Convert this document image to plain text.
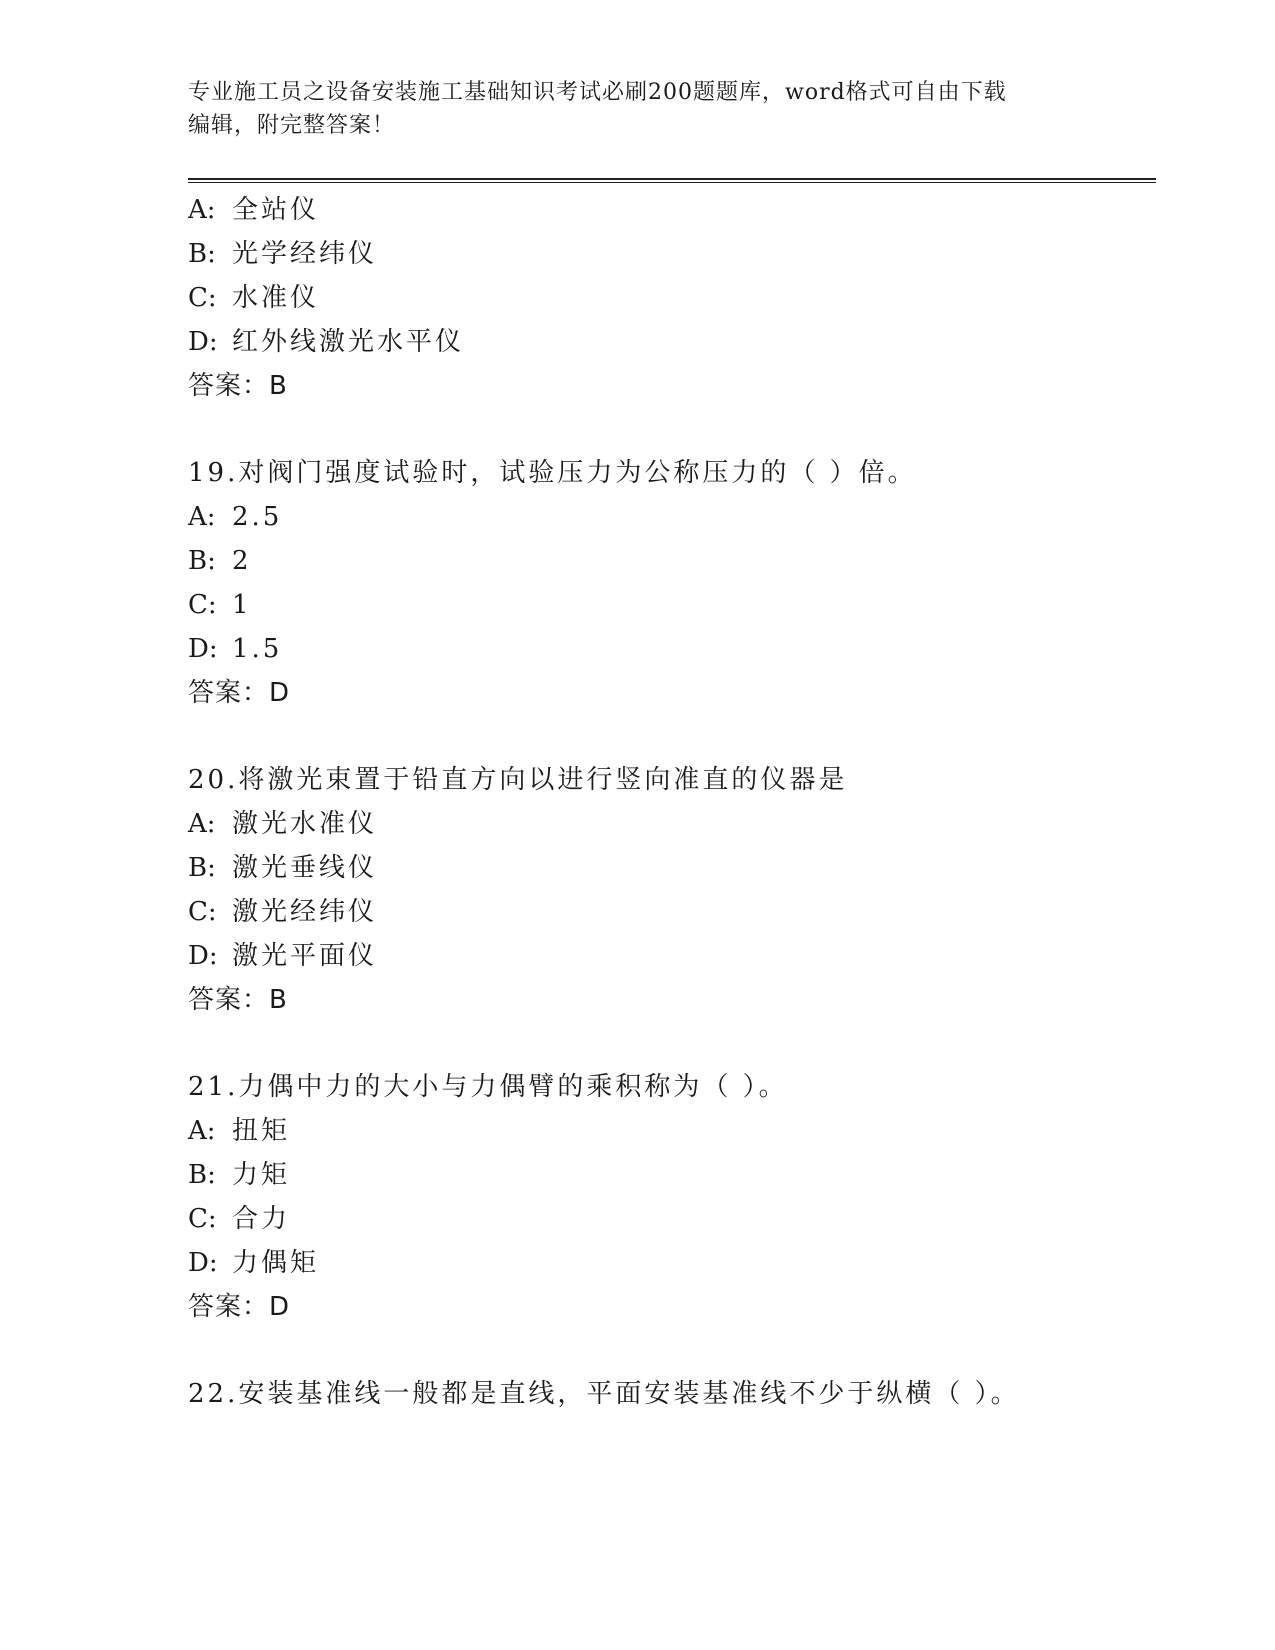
专业施工员之设备安装施工基础知识考试必刷200题题库，word格式可自由下载
编辑，附完整答案！
A: 全站仪
B: 光学经纬仪
C: 水准仪
D: 红外线激光水平仪
答案：B
19.对阀门强度试验时，试验压力为公称压力的（ ）倍。
A: 2.5
B: 2
C: 1
D: 1.5
答案：D
20.将激光束置于铅直方向以进行竖向准直的仪器是
A: 激光水准仪
B: 激光垂线仪
C: 激光经纬仪
D: 激光平面仪
答案：B
21.力偶中力的大小与力偶臂的乘积称为（ ）。
A: 扭矩
B: 力矩
C: 合力
D: 力偶矩
答案：D
22.安装基准线一般都是直线，平面安装基准线不少于纵横（ ）。
